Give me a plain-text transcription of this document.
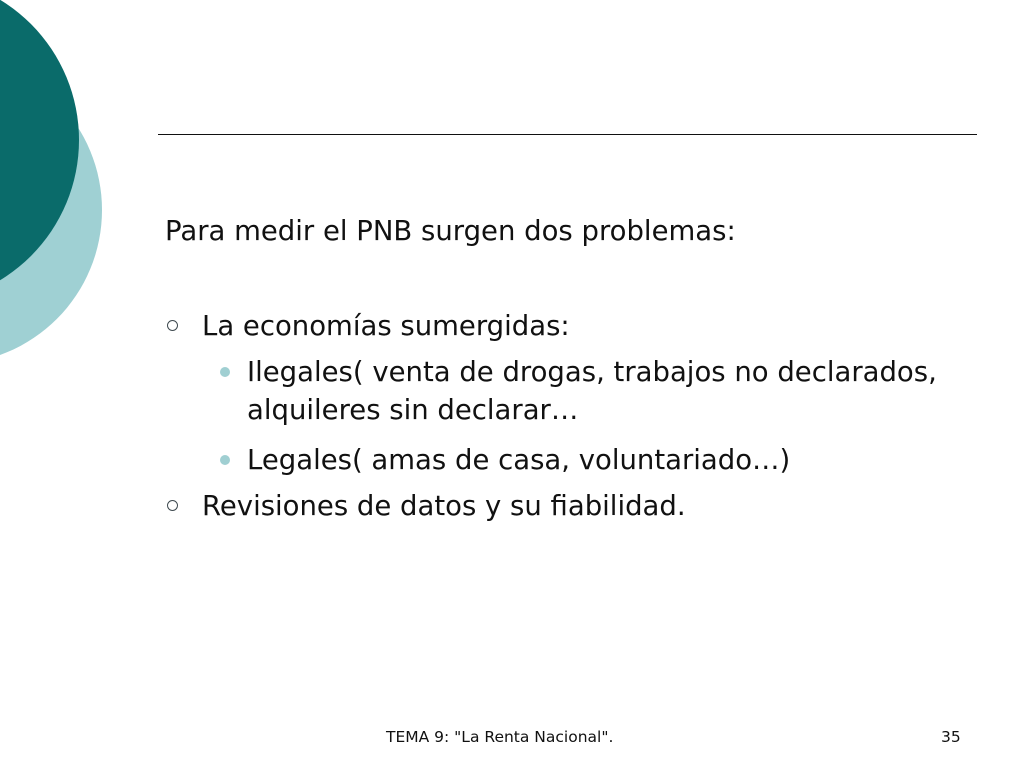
Para medir el PNB surgen dos problemas:
La economías sumergidas:
Ilegales( venta de drogas, trabajos no declarados, alquileres sin declarar…
Legales( amas de casa, voluntariado…)
Revisiones de datos y su fiabilidad.
TEMA 9: "La Renta Nacional".	35
